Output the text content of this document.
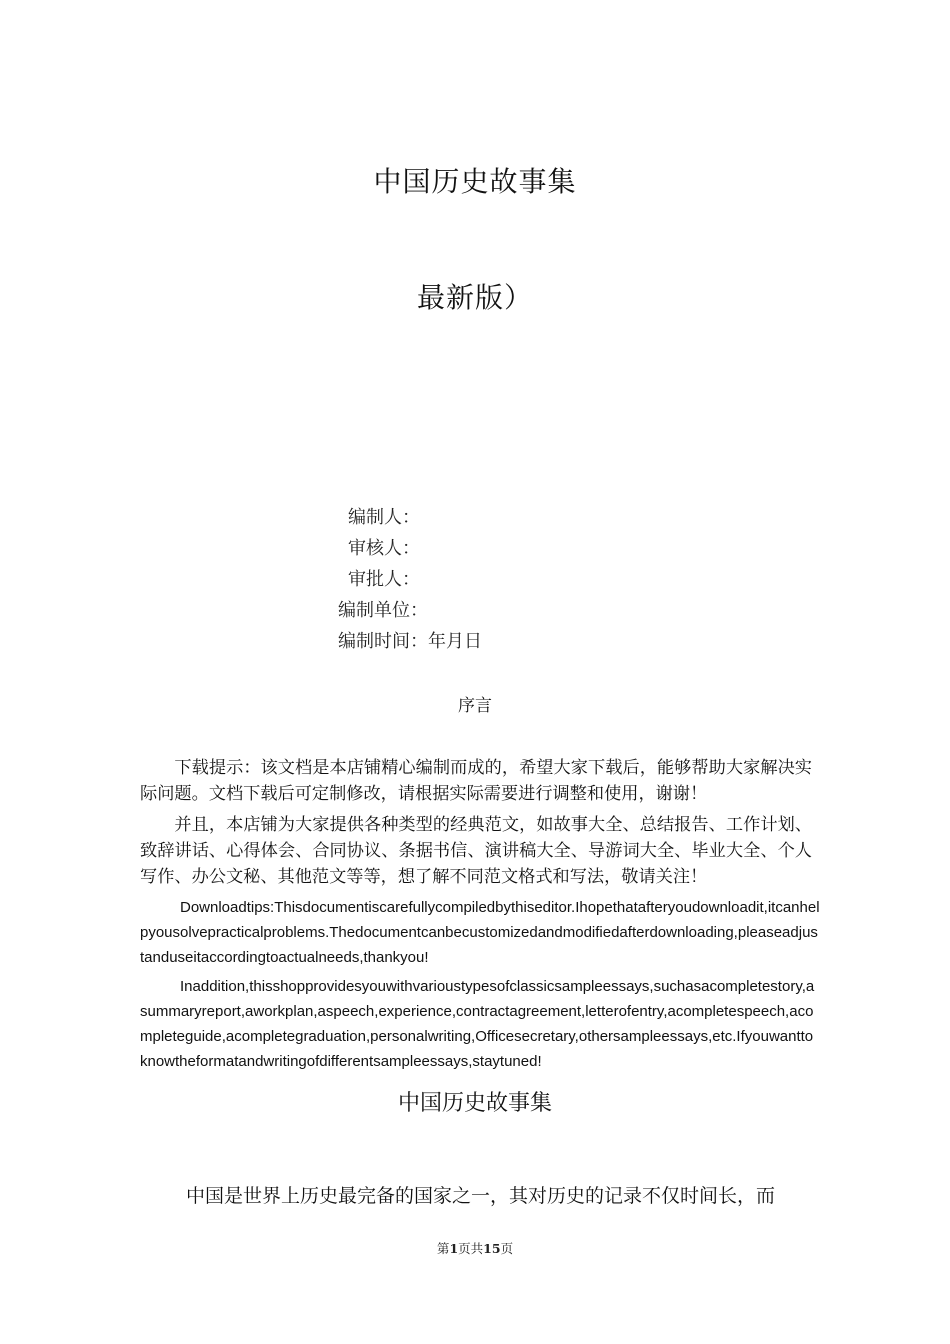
中国历史故事集
最新版）
编制人：
审核人：
审批人：
编制单位：
编制时间：年月日
序言
下载提示：该文档是本店铺精心编制而成的，希望大家下载后，能够帮助大家解决实际问题。文档下载后可定制修改，请根据实际需要进行调整和使用，谢谢！
并且，本店铺为大家提供各种类型的经典范文，如故事大全、总结报告、工作计划、致辞讲话、心得体会、合同协议、条据书信、演讲稿大全、导游词大全、毕业大全、个人写作、办公文秘、其他范文等等，想了解不同范文格式和写法，敬请关注！
Downloadtips:Thisdocumentiscarefullycompiledbythiseditor.Ihopethatafteryoudownloadit,itcanhelpyousolvepracticalproblems.Thedocumentcanbecustomizedandmodifiedafterdownloading,pleaseadjustanduseitaccordingtoactualneeds,thankyou!
Inaddition,thisshopprovidesyouwithvarioustypesofclassicsampleessays,suchasacompletestory,asummaryreport,aworkplan,aspeech,experience,contractagreement,letterofentry,acompletespeech,acompleteguide,acompletegraduation,personalwriting,Officesecretary,othersampleessays,etc.Ifyouwanttoknowtheformatandwritingofdifferentsampleessays,staytuned!
中国历史故事集
中国是世界上历史最完备的国家之一，其对历史的记录不仅时间长，而
第1页共15页
